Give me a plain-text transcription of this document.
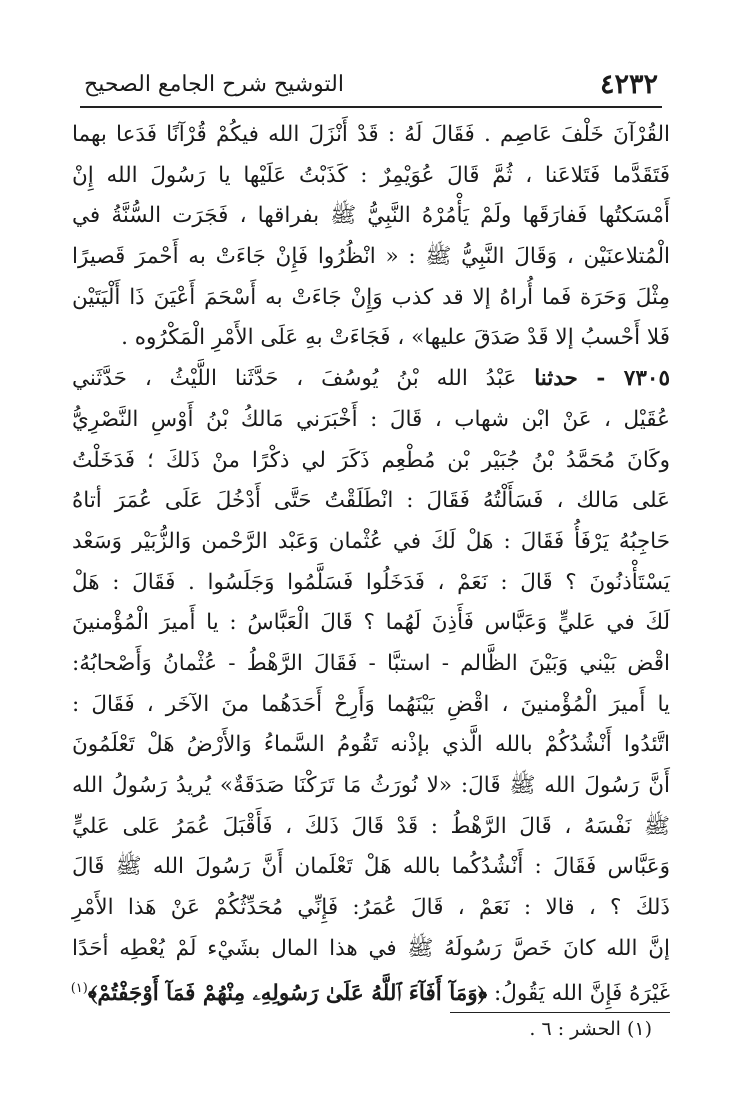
٤٢٣٢
التوشيح شرح الجامع الصحيح
القُرْآنَ خَلْفَ عَاصِم . فَقَالَ لَهُ : قَدْ أَنْزَلَ الله فيكُمْ قُرْآنًا فَدَعا بهما
فَتَقَدَّما فَتَلاعَنا ، ثُمَّ قَالَ عُوَيْمِرٌ : كَذَبْتُ عَلَيْها يا رَسُولَ الله إِنْ
أَمْسَكتُها فَفارَقَها ولَمْ يَأْمُرْهُ النَّبِيُّ ﷺ بفراقها ، فَجَرَت السُّنَّةُ في
الْمُتلاعنَيْن ، وَقَالَ النَّبِيُّ ﷺ : « انْظُرُوا فَإِنْ جَاءَتْ به أَحْمرَ قَصيرًا
مِثْلَ وَحَرَة فَما أُراهُ إلا قد كذب وَإِنْ جَاءَتْ به أَسْحَمَ أَعْيَنَ ذَا أَلْيَتَيْن
فَلا أَحْسبُ إلا قَدْ صَدَقَ عليها» ، فَجَاءَتْ بهِ عَلَى الأَمْرِ الْمَكْرُوه .
٧٣٠٥ - حدثنا عَبْدُ الله بْنُ يُوسُفَ ، حَدَّثَنا اللَّيْثُ ، حَدَّثَني
عُقَيْل ، عَنْ ابْن شهاب ، قَالَ : أَخْبَرَني مَالكُ بْنُ أَوْسِ النَّصْرِيُّ
وكَانَ مُحَمَّدُ بْنُ جُبَيْر بْن مُطْعِم ذَكَرَ لي ذكْرًا منْ ذَلكَ ؛ فَدَخَلْتُ
عَلى مَالك ، فَسَأَلْتُهُ فَقَالَ : انْطَلَقْتُ حَتَّى أَدْخُلَ عَلَى عُمَرَ أتاهُ
حَاجِبُهُ يَرْفَأُ فَقَالَ : هَلْ لَكَ في عُثْمان وَعَبْد الرَّحْمن وَالزُّبَيْر وَسَعْد
يَسْتَأْذنُونَ ؟ قَالَ : نَعَمْ ، فَدَخَلُوا فَسَلَّمُوا وَجَلَسُوا . فَقَالَ : هَلْ
لَكَ في عَليٍّ وَعَبَّاس فَأَذِنَ لَهُما ؟ قَالَ الْعَبَّاسُ : يا أَميرَ الْمُؤْمنينَ
اقْض بَيْني وَبَيْنَ الظَّالم - استبَّا - فَقَالَ الرَّهْطُ - عُثْمانُ وَأَصْحابُهُ:
يا أَميرَ الْمُؤْمنينَ ، اقْضِ بَيْنَهُما وَأَرِحْ أَحَدَهُما منَ الآخَر ، فَقَالَ :
اتَّئدُوا أَنْشُدُكُمْ بالله الَّذي بإذْنه تَقُومُ السَّماءُ وَالأَرْضُ هَلْ تَعْلَمُونَ
أَنَّ رَسُولَ الله ﷺ قَالَ: «لا نُورَثُ مَا تَرَكْنَا صَدَقَةٌ» يُريدُ رَسُولُ الله
ﷺ نَفْسَهُ ، قَالَ الرَّهْطُ : قَدْ قَالَ ذَلكَ ، فَأَقْبَلَ عُمَرُ عَلى عَليٍّ
وَعَبَّاس فَقَالَ : أَنْشُدُكُما بالله هَلْ تَعْلَمان أَنَّ رَسُولَ الله ﷺ قَالَ
ذَلكَ ؟ ، قالا : نَعَمْ ، قَالَ عُمَرُ: فَإِنِّي مُحَدِّثُكُمْ عَنْ هَذا الأَمْرِ
إنَّ الله كانَ خَصَّ رَسُولَهُ ﷺ في هذا المال بشَيْء لَمْ يُعْطِه أحَدًا
غَيْرَهُ فَإِنَّ الله يَقُولُ: ﴿وَمَآ أَفَآءَ ٱللَّهُ عَلَىٰ رَسُولِهِۦ مِنْهُمْ فَمَآ أَوْجَفْتُمْ﴾$^{(١)}$
(١) الحشر : ٦ .
